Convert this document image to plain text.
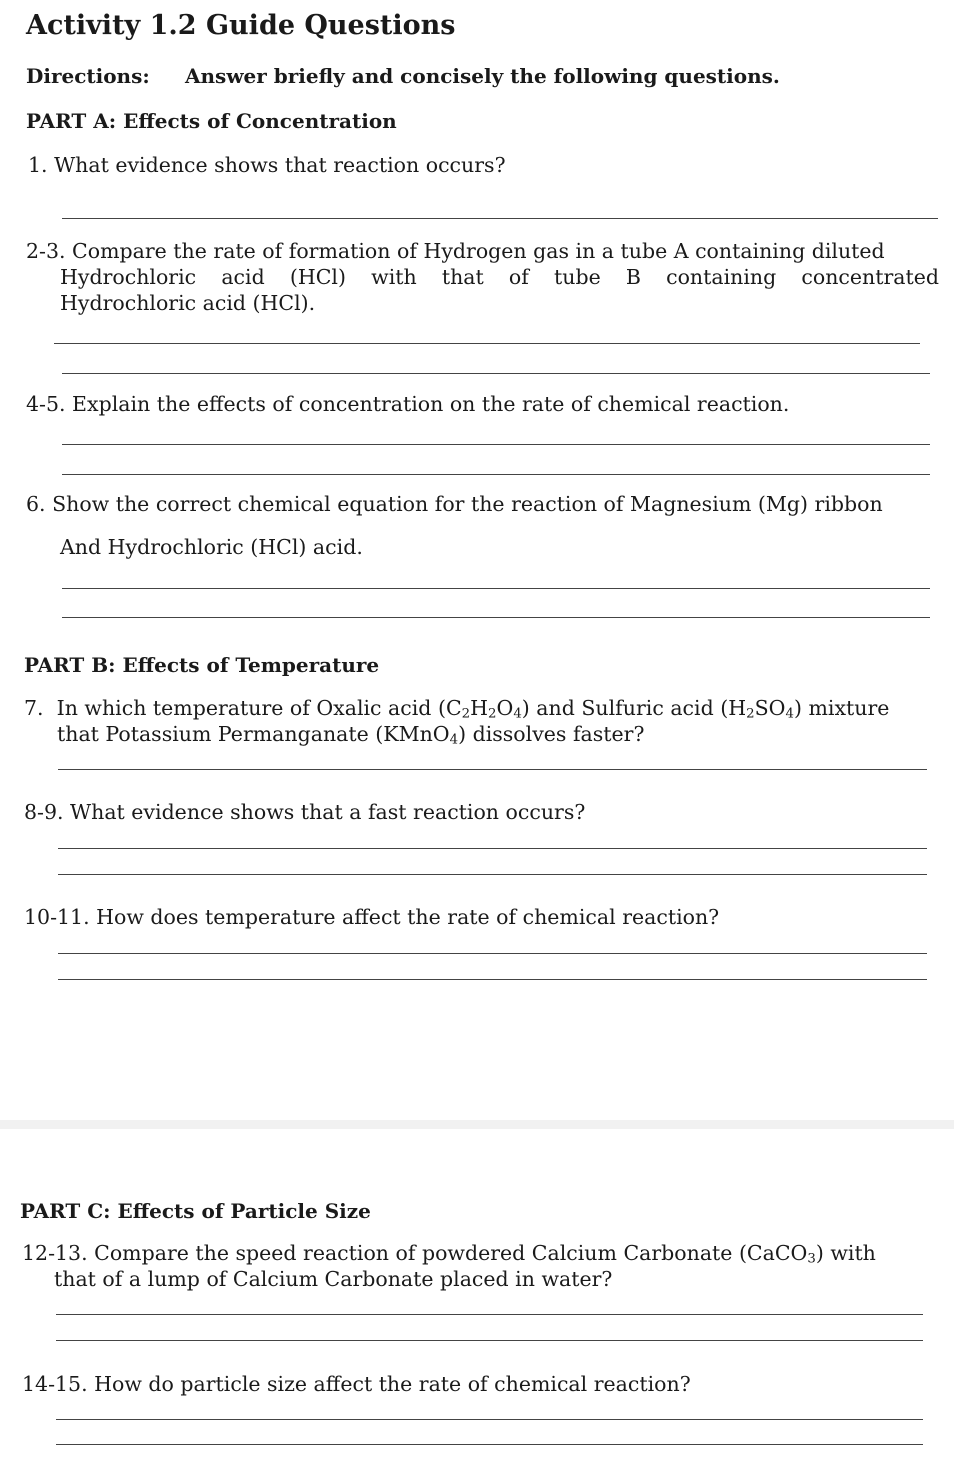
Activity 1.2 Guide Questions
Directions: Answer briefly and concisely the following questions.
PART A: Effects of Concentration
1. What evidence shows that reaction occurs?
2-3. Compare the rate of formation of Hydrogen gas in a tube A containing diluted
Hydrochloric acid (HCl) with that of tube B containing concentrated
Hydrochloric acid (HCl).
4-5. Explain the effects of concentration on the rate of chemical reaction.
6. Show the correct chemical equation for the reaction of Magnesium (Mg) ribbon
And Hydrochloric (HCl) acid.
PART B: Effects of Temperature
7. In which temperature of Oxalic acid $(C_2H_2O_4)$ and Sulfuric acid $(H_2SO_4)$ mixture
that Potassium Permanganate (KMnO$_4$) dissolves faster?
8-9. What evidence shows that a fast reaction occurs?
10-11. How does temperature affect the rate of chemical reaction?
PART C: Effects of Particle Size
12-13. Compare the speed reaction of powdered Calcium Carbonate (CaCO$_3$) with
that of a lump of Calcium Carbonate placed in water?
14-15. How do particle size affect the rate of chemical reaction?
